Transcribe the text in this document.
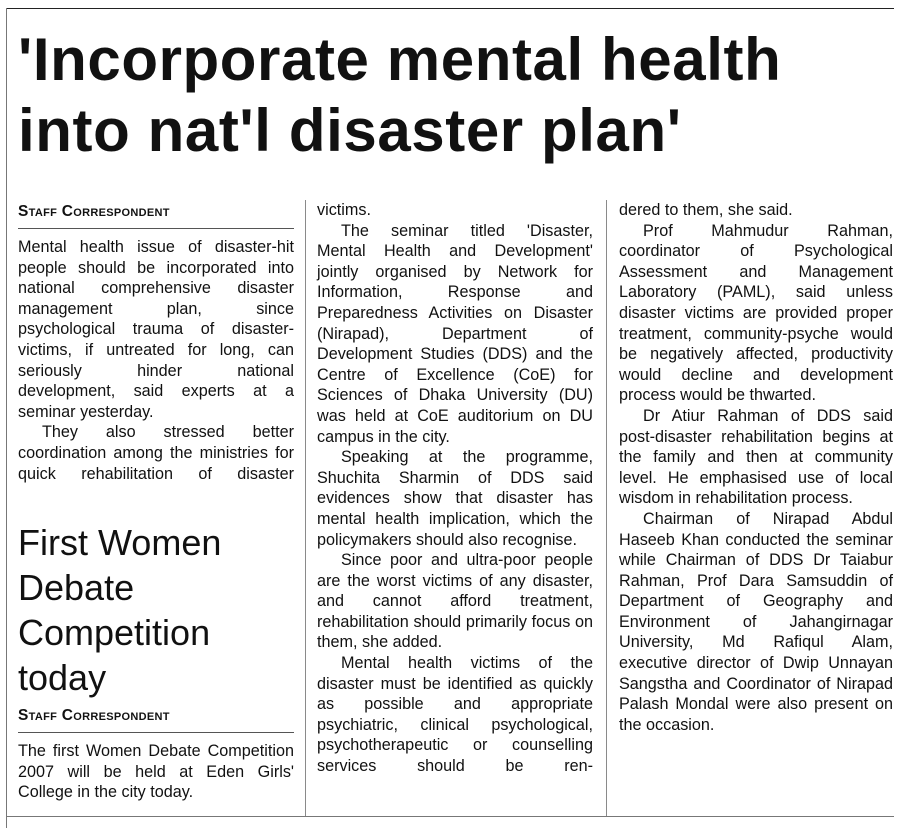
'Incorporate mental health
into nat'l disaster plan'
Staff Correspondent

Mental health issue of disaster-hit people should be incorporated into national comprehensive disaster management plan, since psychological trauma of disaster-victims, if untreated for long, can seriously hinder national development, said experts at a seminar yesterday.

They also stressed better coordination among the ministries for quick rehabilitation of disaster

First Women
Debate
Competition
today
Staff Correspondent

The first Women Debate Competition 2007 will be held at Eden Girls' College in the city today.

victims.

The seminar titled 'Disaster, Mental Health and Development' jointly organised by Network for Information, Response and Preparedness Activities on Disaster (Nirapad), Department of Development Studies (DDS) and the Centre of Excellence (CoE) for Sciences of Dhaka University (DU) was held at CoE auditorium on DU campus in the city.

Speaking at the programme, Shuchita Sharmin of DDS said evidences show that disaster has mental health implication, which the policymakers should also recognise.

Since poor and ultra-poor people are the worst victims of any disaster, and cannot afford treatment, rehabilitation should primarily focus on them, she added.

Mental health victims of the disaster must be identified as quickly as possible and appropriate psychiatric, clinical psychological, psychotherapeutic or counselling services should be ren-

dered to them, she said.

Prof Mahmudur Rahman, coordinator of Psychological Assessment and Management Laboratory (PAML), said unless disaster victims are provided proper treatment, community-psyche would be negatively affected, productivity would decline and development process would be thwarted.

Dr Atiur Rahman of DDS said post-disaster rehabilitation begins at the family and then at community level. He emphasised use of local wisdom in rehabilitation process.

Chairman of Nirapad Abdul Haseeb Khan conducted the seminar while Chairman of DDS Dr Taiabur Rahman, Prof Dara Samsuddin of Department of Geography and Environment of Jahangirnagar University, Md Rafiqul Alam, executive director of Dwip Unnayan Sangstha and Coordinator of Nirapad Palash Mondal were also present on the occasion.
